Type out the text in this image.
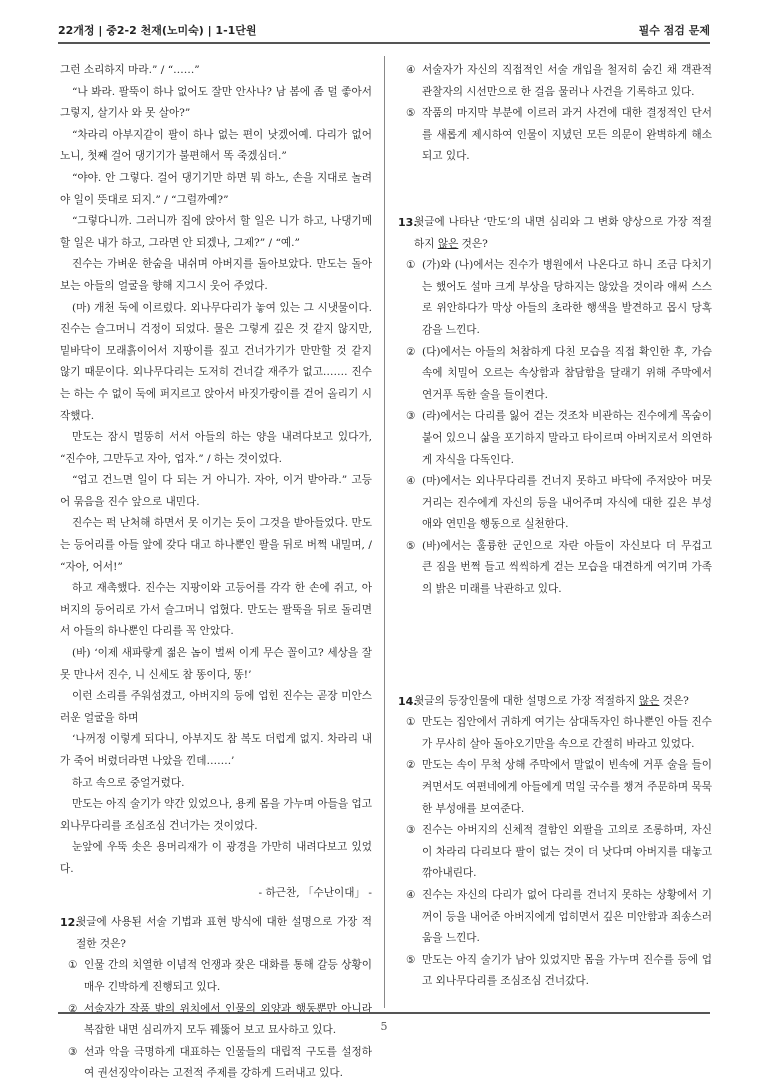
22개정 | 중2-2 천재(노미숙) | 1-1단원	필수 점검 문제

그런 소리하지 마라.” / “……”

“나 봐라. 팔뚝이 하나 없어도 잘만 안사나? 남 봄에 좀 덜 좋아서 그렇지, 살기사 와 못 살아?”

“차라리 아부지같이 팔이 하나 없는 편이 낫겠어예. 다리가 없어 노니, 첫째 걸어 댕기기가 불편해서 똑 죽겠심더.”

“야야. 안 그렇다. 걸어 댕기기만 하면 뭐 하노, 손을 지대로 놀려야 일이 뜻대로 되지.” / “그럴까예?”

“그렇다니까. 그러니까 집에 앉아서 할 일은 니가 하고, 나댕기메 할 일은 내가 하고, 그라면 안 되겠나, 그제?” / “예.”

진수는 가벼운 한숨을 내쉬며 아버지를 돌아보았다. 만도는 돌아보는 아들의 얼굴을 향해 지그시 웃어 주었다.

(마) 개천 둑에 이르렀다. 외나무다리가 놓여 있는 그 시냇물이다. 진수는 슬그머니 걱정이 되었다. 물은 그렇게 깊은 것 같지 않지만, 밑바닥이 모래흙이어서 지팡이를 짚고 건너가기가 만만할 것 같지 않기 때문이다. 외나무다리는 도저히 건너갈 재주가 없고……. 진수는 하는 수 없이 둑에 퍼지르고 앉아서 바짓가랑이를 걷어 올리기 시작했다.

만도는 잠시 멀뚱히 서서 아들의 하는 양을 내려다보고 있다가, “진수야, 그만두고 자아, 업자.” / 하는 것이었다.

“업고 건느면 일이 다 되는 거 아니가. 자아, 이거 받아라.” 고등어 묶음을 진수 앞으로 내민다.

진수는 퍽 난처해 하면서 못 이기는 듯이 그것을 받아들었다. 만도는 등어리를 아들 앞에 갖다 대고 하나뿐인 팔을 뒤로 버쩍 내밀며, / “자아, 어서!”

하고 재촉했다. 진수는 지팡이와 고등어를 각각 한 손에 쥐고, 아버지의 등어리로 가서 슬그머니 업혔다. 만도는 팔뚝을 뒤로 돌리면서 아들의 하나뿐인 다리를 꼭 안았다.

(바) ‘이제 새파랗게 젊은 놈이 벌써 이게 무슨 꼴이고? 세상을 잘못 만나서 진수, 니 신세도 참 똥이다, 똥!’

이런 소리를 주워섬겼고, 아버지의 등에 업힌 진수는 곧장 미안스러운 얼굴을 하며

‘나꺼정 이렇게 되다니, 아부지도 참 복도 더럽게 없지. 차라리 내가 죽어 버렸더라면 나았을 낀데…….’

하고 속으로 중얼거렸다.

만도는 아직 술기가 약간 있었으나, 용케 몸을 가누며 아들을 업고 외나무다리를 조심조심 건너가는 것이었다.

눈앞에 우뚝 솟은 용머리재가 이 광경을 가만히 내려다보고 있었다.

- 하근찬, 「수난이대」 -
12.
윗글에 사용된 서술 기법과 표현 방식에 대한 설명으로 가장 적절한 것은?
① 인물 간의 치열한 이념적 언쟁과 잦은 대화를 통해 갈등 상황이 매우 긴박하게 진행되고 있다.
② 서술자가 작품 밖의 위치에서 인물의 외양과 행동뿐만 아니라 복잡한 내면 심리까지 모두 꿰뚫어 보고 묘사하고 있다.
③ 선과 악을 극명하게 대표하는 인물들의 대립적 구도를 설정하여 권선징악이라는 고전적 주제를 강하게 드러내고 있다.
④ 서술자가 자신의 직접적인 서술 개입을 철저히 숨긴 채 객관적 관찰자의 시선만으로 한 걸음 물러나 사건을 기록하고 있다.
⑤ 작품의 마지막 부분에 이르러 과거 사건에 대한 결정적인 단서를 새롭게 제시하여 인물이 지녔던 모든 의문이 완벽하게 해소되고 있다.
13.
윗글에 나타난 ‘만도’의 내면 심리와 그 변화 양상으로 가장 적절하지 않은 것은?
① (가)와 (나)에서는 진수가 병원에서 나온다고 하니 조금 다치기는 했어도 설마 크게 부상을 당하지는 않았을 것이라 애써 스스로 위안하다가 막상 아들의 초라한 행색을 발견하고 몹시 당혹감을 느낀다.
② (다)에서는 아들의 처참하게 다친 모습을 직접 확인한 후, 가슴속에 치밀어 오르는 속상함과 참담함을 달래기 위해 주막에서 연거푸 독한 술을 들이켠다.
③ (라)에서는 다리를 잃어 걷는 것조차 비관하는 진수에게 목숨이 붙어 있으니 삶을 포기하지 말라고 타이르며 아버지로서 의연하게 자식을 다독인다.
④ (마)에서는 외나무다리를 건너지 못하고 바닥에 주저앉아 머뭇거리는 진수에게 자신의 등을 내어주며 자식에 대한 깊은 부성애와 연민을 행동으로 실천한다.
⑤ (바)에서는 훌륭한 군인으로 자란 아들이 자신보다 더 무겁고 큰 짐을 번쩍 들고 씩씩하게 걷는 모습을 대견하게 여기며 가족의 밝은 미래를 낙관하고 있다.
14.
윗글의 등장인물에 대한 설명으로 가장 적절하지 않은 것은?
① 만도는 집안에서 귀하게 여기는 삼대독자인 하나뿐인 아들 진수가 무사히 살아 돌아오기만을 속으로 간절히 바라고 있었다.
② 만도는 속이 무척 상해 주막에서 말없이 빈속에 거푸 술을 들이켜면서도 여편네에게 아들에게 먹일 국수를 챙겨 주문하며 묵묵한 부성애를 보여준다.
③ 진수는 아버지의 신체적 결함인 외팔을 고의로 조롱하며, 자신이 차라리 다리보다 팔이 없는 것이 더 낫다며 아버지를 대놓고 깎아내린다.
④ 진수는 자신의 다리가 없어 다리를 건너지 못하는 상황에서 기꺼이 등을 내어준 아버지에게 업히면서 깊은 미안함과 죄송스러움을 느낀다.
⑤ 만도는 아직 술기가 남아 있었지만 몸을 가누며 진수를 등에 업고 외나무다리를 조심조심 건너갔다.
5
